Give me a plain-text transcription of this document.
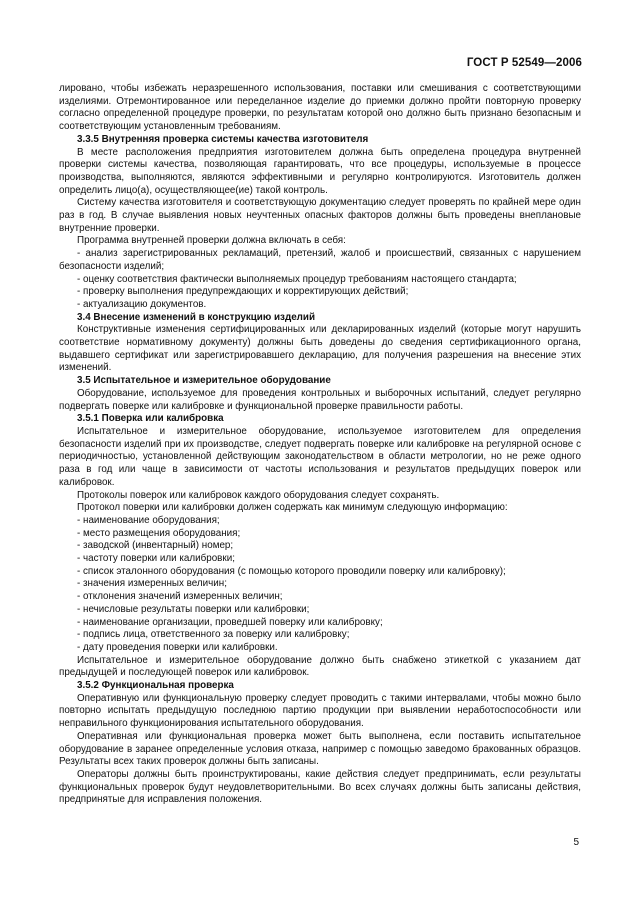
ГОСТ Р 52549—2006

лировано, чтобы избежать неразрешенного использования, поставки или смешивания с соответствующими изделиями. Отремонтированное или переделанное изделие до приемки должно пройти повторную проверку согласно определенной процедуре проверки, по результатам которой оно должно быть признано безопасным и соответствующим установленным требованиям.

3.3.5 Внутренняя проверка системы качества изготовителя

В месте расположения предприятия изготовителем должна быть определена процедура внутренней проверки системы качества, позволяющая гарантировать, что все процедуры, используемые в процессе производства, выполняются, являются эффективными и регулярно контролируются. Изготовитель должен определить лицо(а), осуществляющее(ие) такой контроль.

Систему качества изготовителя и соответствующую документацию следует проверять по крайней мере один раз в год. В случае выявления новых неучтенных опасных факторов должны быть проведены внеплановые внутренние проверки.

Программа внутренней проверки должна включать в себя:

- анализ зарегистрированных рекламаций, претензий, жалоб и происшествий, связанных с нарушением безопасности изделий;

- оценку соответствия фактически выполняемых процедур требованиям настоящего стандарта;

- проверку выполнения предупреждающих и корректирующих действий;

- актуализацию документов.

3.4 Внесение изменений в конструкцию изделий

Конструктивные изменения сертифицированных или декларированных изделий (которые могут нарушить соответствие нормативному документу) должны быть доведены до сведения сертификационного органа, выдавшего сертификат или зарегистрировавшего декларацию, для получения разрешения на внесение этих изменений.

3.5 Испытательное и измерительное оборудование

Оборудование, используемое для проведения контрольных и выборочных испытаний, следует регулярно подвергать поверке или калибровке и функциональной проверке правильности работы.

3.5.1 Поверка или калибровка

Испытательное и измерительное оборудование, используемое изготовителем для определения безопасности изделий при их производстве, следует подвергать поверке или калибровке на регулярной основе с периодичностью, установленной действующим законодательством в области метрологии, но не реже одного раза в год или чаще в зависимости от частоты использования и результатов предыдущих поверок или калибровок.

Протоколы поверок или калибровок каждого оборудования следует сохранять.

Протокол поверки или калибровки должен содержать как минимум следующую информацию:

- наименование оборудования;

- место размещения оборудования;

- заводской (инвентарный) номер;

- частоту поверки или калибровки;

- список эталонного оборудования (с помощью которого проводили поверку или калибровку);

- значения измеренных величин;

- отклонения значений измеренных величин;

- нечисловые результаты поверки или калибровки;

- наименование организации, проведшей поверку или калибровку;

- подпись лица, ответственного за поверку или калибровку;

- дату проведения поверки или калибровки.

Испытательное и измерительное оборудование должно быть снабжено этикеткой с указанием дат предыдущей и последующей поверок или калибровок.

3.5.2 Функциональная проверка

Оперативную или функциональную проверку следует проводить с такими интервалами, чтобы можно было повторно испытать предыдущую последнюю партию продукции при выявлении неработоспособности или неправильного функционирования испытательного оборудования.

Оперативная или функциональная проверка может быть выполнена, если поставить испытательное оборудование в заранее определенные условия отказа, например с помощью заведомо бракованных образцов. Результаты всех таких проверок должны быть записаны.

Операторы должны быть проинструктированы, какие действия следует предпринимать, если результаты функциональных проверок будут неудовлетворительными. Во всех случаях должны быть записаны действия, предпринятые для исправления положения.

5
